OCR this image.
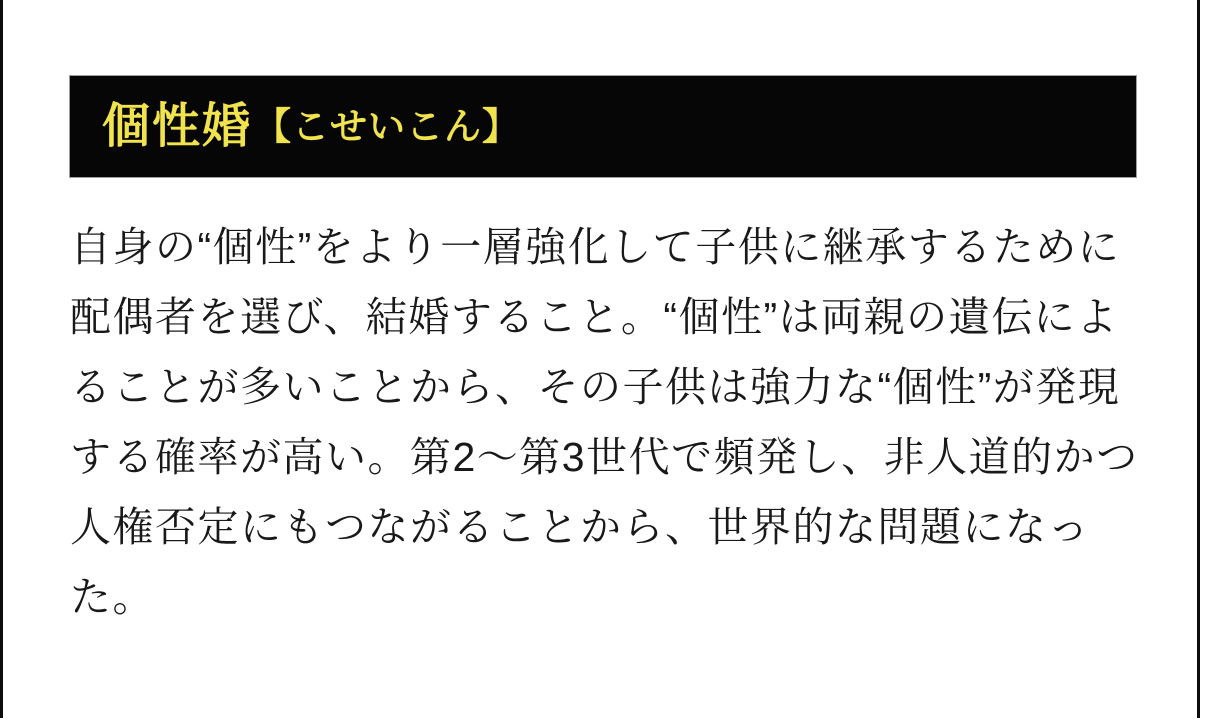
個性婚 【こせいこん】
自身の“個性”をより一層強化して子供に継承するために
配偶者を選び、結婚すること。“個性”は両親の遺伝によ
ることが多いことから、その子供は強力な“個性”が発現
する確率が高い。第2〜第3世代で頻発し、非人道的かつ
人権否定にもつながることから、世界的な問題になっ
た。
